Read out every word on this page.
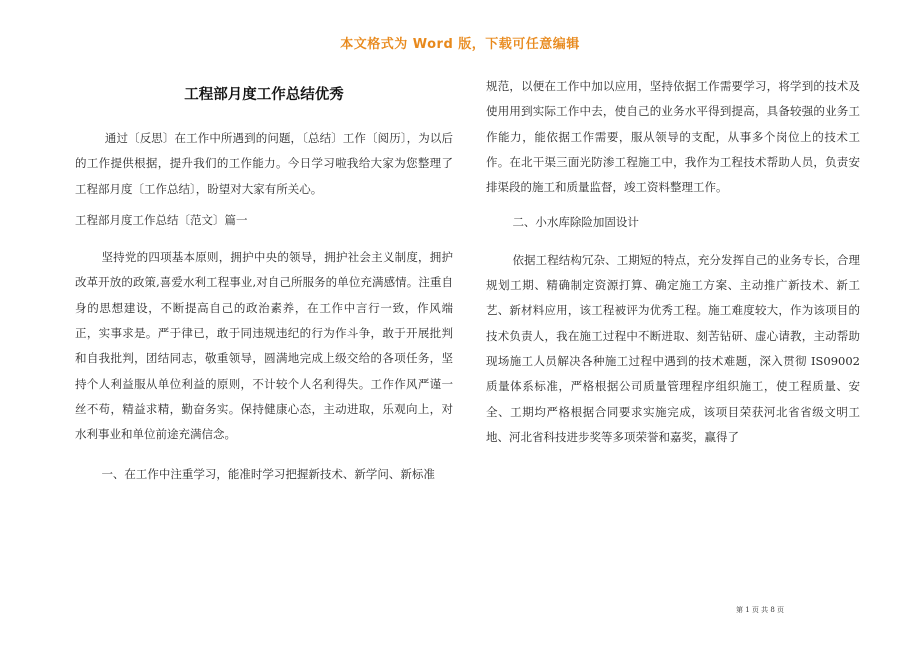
本文格式为 Word 版，下载可任意编辑
工程部月度工作总结优秀

通过〔反思〕在工作中所遇到的问题，〔总结〕工作〔阅历〕，为以后的工作提供根据，提升我们的工作能力。今日学习啦我给大家为您整理了工程部月度〔工作总结〕，盼望对大家有所关心。

工程部月度工作总结〔范文〕篇一

坚持党的四项基本原则，拥护中央的领导，拥护社会主义制度，拥护改革开放的政策,喜爱水利工程事业,对自己所服务的单位充满感情。注重自身的思想建设，不断提高自己的政治素养，在工作中言行一致，作风端正，实事求是。严于律已，敢于同违规违纪的行为作斗争，敢于开展批判和自我批判，团结同志，敬重领导，圆满地完成上级交给的各项任务，坚持个人利益服从单位利益的原则，不计较个人名利得失。工作作风严谨一丝不苟，精益求精，勤奋务实。保持健康心态，主动进取，乐观向上，对水利事业和单位前途充满信念。

一、在工作中注重学习，能准时学习把握新技术、新学问、新标准

规范，以便在工作中加以应用，坚持依据工作需要学习，将学到的技术及使用用到实际工作中去，使自己的业务水平得到提高，具备较强的业务工作能力，能依据工作需要，服从领导的支配，从事多个岗位上的技术工作。在北干渠三面光防渗工程施工中，我作为工程技术帮助人员，负责安排渠段的施工和质量监督，竣工资料整理工作。

二、小水库除险加固设计

依据工程结构冗杂、工期短的特点，充分发挥自己的业务专长，合理规划工期、精确制定资源打算、确定施工方案、主动推广新技术、新工艺、新材料应用，该工程被评为优秀工程。施工难度较大，作为该项目的技术负责人，我在施工过程中不断进取、刻苦钻研、虚心请教，主动帮助现场施工人员解决各种施工过程中遇到的技术难题，深入贯彻 IS09002 质量体系标准，严格根据公司质量管理程序组织施工，使工程质量、安全、工期均严格根据合同要求实施完成，该项目荣获河北省省级文明工地、河北省科技进步奖等多项荣誉和嘉奖，赢得了

第 1 页 共 8 页
